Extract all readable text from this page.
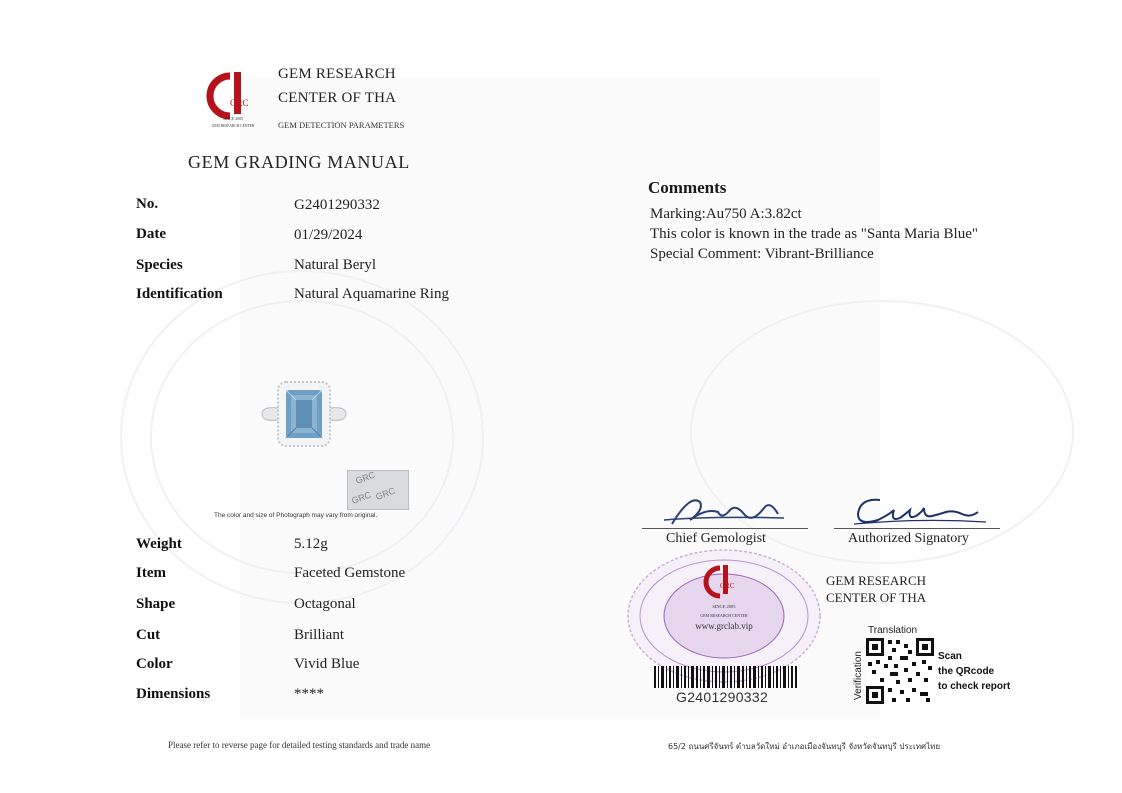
GRC
SINCE 2005
GEM RESEARCH CENTER
GEM RESEARCH
CENTER OF THA
GEM DETECTION PARAMETERS
GEM GRADING MANUAL
No.	G2401290332
Date	01/29/2024
Species	Natural Beryl
Identification	Natural Aquamarine Ring
GRC
GRC
GRC
The color and size of Photograph may vary from original.
Weight	5.12g
Item	Faceted Gemstone
Shape	Octagonal
Cut	Brilliant
Color	Vivid Blue
Dimensions	****
Comments
Marking:Au750 A:3.82ct
This color is known in the trade as "Santa Maria Blue"
Special Comment: Vibrant-Brilliance
Chief Gemologist	Authorized Signatory
GRC
SINCE 2005
GEM RESEARCH CENTER
www.grclab.vip
GEM RESEARCH
CENTER OF THA
G2401290332
Translation
Verification	Scan
the QRcode
to check report
Please refer to reverse page for detailed testing standards and trade name	65/2 ถนนศรีจันทร์ ตำบลวัดใหม่ อำเภอเมืองจันทบุรี จังหวัดจันทบุรี ประเทศไทย
